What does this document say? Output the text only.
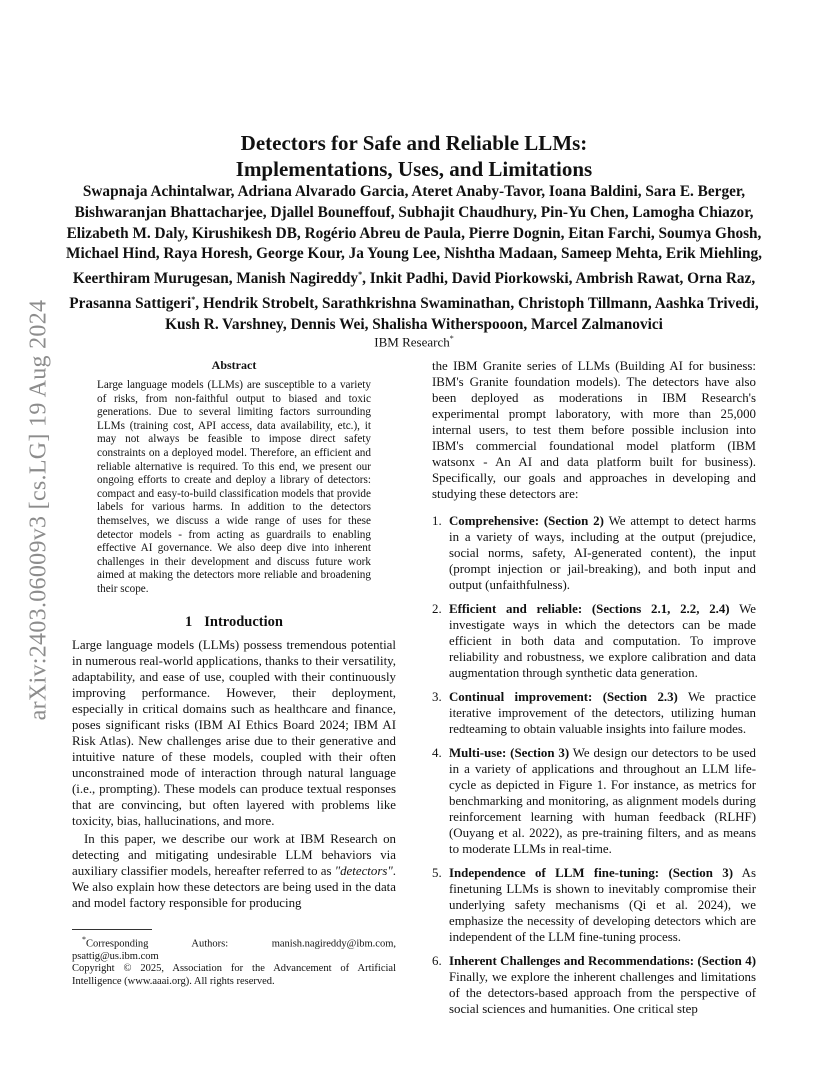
arXiv:2403.06009v3 [cs.LG] 19 Aug 2024
Detectors for Safe and Reliable LLMs:
Implementations, Uses, and Limitations
Swapnaja Achintalwar, Adriana Alvarado Garcia, Ateret Anaby-Tavor, Ioana Baldini, Sara E. Berger, Bishwaranjan Bhattacharjee, Djallel Bouneffouf, Subhajit Chaudhury, Pin-Yu Chen, Lamogha Chiazor, Elizabeth M. Daly, Kirushikesh DB, Rogério Abreu de Paula, Pierre Dognin, Eitan Farchi, Soumya Ghosh, Michael Hind, Raya Horesh, George Kour, Ja Young Lee, Nishtha Madaan, Sameep Mehta, Erik Miehling, Keerthiram Murugesan, Manish Nagireddy*, Inkit Padhi, David Piorkowski, Ambrish Rawat, Orna Raz, Prasanna Sattigeri*, Hendrik Strobelt, Sarathkrishna Swaminathan, Christoph Tillmann, Aashka Trivedi, Kush R. Varshney, Dennis Wei, Shalisha Witherspooon, Marcel Zalmanovici
IBM Research*
Abstract

Large language models (LLMs) are susceptible to a variety of risks, from non-faithful output to biased and toxic generations. Due to several limiting factors surrounding LLMs (training cost, API access, data availability, etc.), it may not always be feasible to impose direct safety constraints on a deployed model. Therefore, an efficient and reliable alternative is required. To this end, we present our ongoing efforts to create and deploy a library of detectors: compact and easy-to-build classification models that provide labels for various harms. In addition to the detectors themselves, we discuss a wide range of uses for these detector models - from acting as guardrails to enabling effective AI governance. We also deep dive into inherent challenges in their development and discuss future work aimed at making the detectors more reliable and broadening their scope.

1 Introduction

Large language models (LLMs) possess tremendous potential in numerous real-world applications, thanks to their versatility, adaptability, and ease of use, coupled with their continuously improving performance. However, their deployment, especially in critical domains such as healthcare and finance, poses significant risks (IBM AI Ethics Board 2024; IBM AI Risk Atlas). New challenges arise due to their generative and intuitive nature of these models, coupled with their often unconstrained mode of interaction through natural language (i.e., prompting). These models can produce textual responses that are convincing, but often layered with problems like toxicity, bias, hallucinations, and more.

In this paper, we describe our work at IBM Research on detecting and mitigating undesirable LLM behaviors via auxiliary classifier models, hereafter referred to as "detectors". We also explain how these detectors are being used in the data and model factory responsible for producing

*Corresponding Authors: manish.nagireddy@ibm.com, psattig@us.ibm.com

Copyright © 2025, Association for the Advancement of Artificial Intelligence (www.aaai.org). All rights reserved.

the IBM Granite series of LLMs (Building AI for business: IBM's Granite foundation models). The detectors have also been deployed as moderations in IBM Research's experimental prompt laboratory, with more than 25,000 internal users, to test them before possible inclusion into IBM's commercial foundational model platform (IBM watsonx - An AI and data platform built for business). Specifically, our goals and approaches in developing and studying these detectors are:

1. Comprehensive: (Section 2) We attempt to detect harms in a variety of ways, including at the output (prejudice, social norms, safety, AI-generated content), the input (prompt injection or jail-breaking), and both input and output (unfaithfulness).
2. Efficient and reliable: (Sections 2.1, 2.2, 2.4) We investigate ways in which the detectors can be made efficient in both data and computation. To improve reliability and robustness, we explore calibration and data augmentation through synthetic data generation.
3. Continual improvement: (Section 2.3) We practice iterative improvement of the detectors, utilizing human redteaming to obtain valuable insights into failure modes.
4. Multi-use: (Section 3) We design our detectors to be used in a variety of applications and throughout an LLM life-cycle as depicted in Figure 1. For instance, as metrics for benchmarking and monitoring, as alignment models during reinforcement learning with human feedback (RLHF) (Ouyang et al. 2022), as pre-training filters, and as means to moderate LLMs in real-time.
5. Independence of LLM fine-tuning: (Section 3) As finetuning LLMs is shown to inevitably compromise their underlying safety mechanisms (Qi et al. 2024), we emphasize the necessity of developing detectors which are independent of the LLM fine-tuning process.
6. Inherent Challenges and Recommendations: (Section 4) Finally, we explore the inherent challenges and limitations of the detectors-based approach from the perspective of social sciences and humanities. One critical step
